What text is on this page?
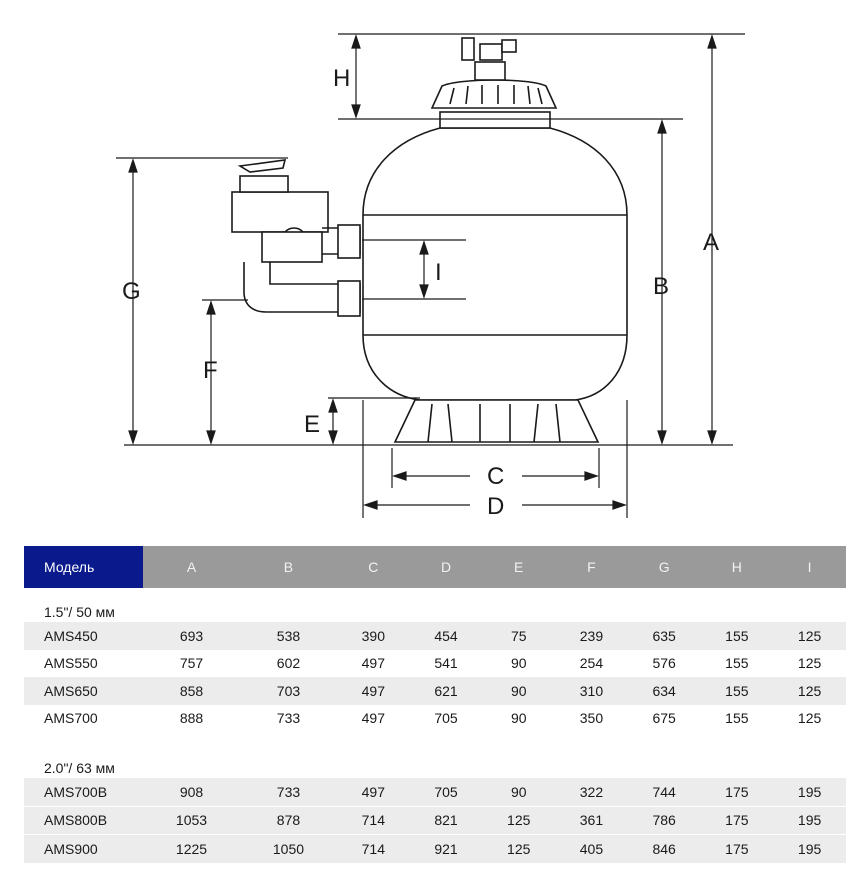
A
B
H
G
F
E
I
C
D
Модель	A	B	C	D	E	F	G	H	I
1.5"/ 50 мм									
AMS450	693	538	390	454	75	239	635	155	125
AMS550	757	602	497	541	90	254	576	155	125
AMS650	858	703	497	621	90	310	634	155	125
AMS700	888	733	497	705	90	350	675	155	125

2.0"/ 63 мм									
AMS700B	908	733	497	705	90	322	744	175	195
AMS800B	1053	878	714	821	125	361	786	175	195
AMS900	1225	1050	714	921	125	405	846	175	195
